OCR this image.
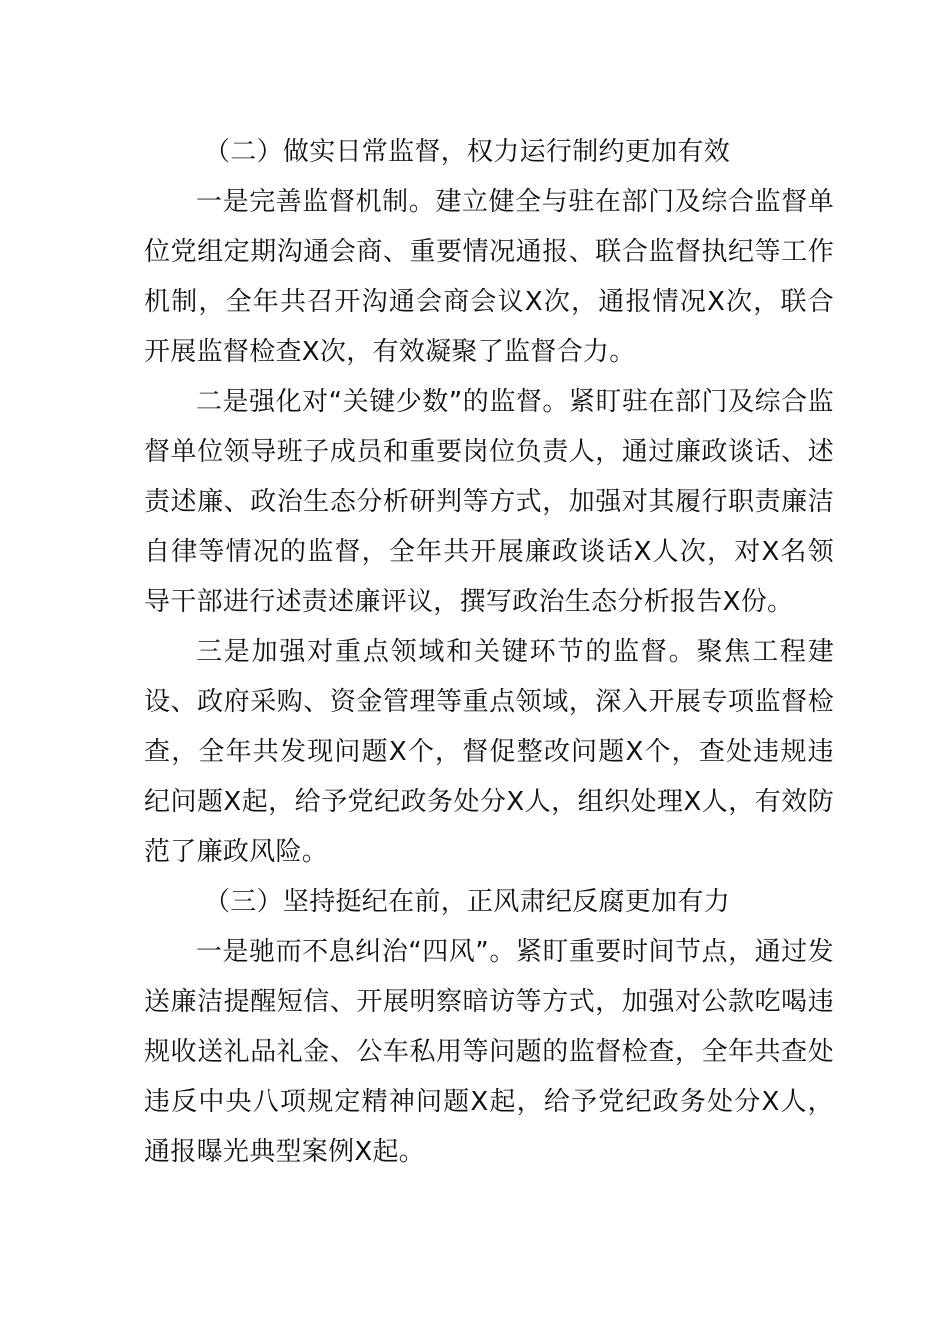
（二）做实日常监督，权力运行制约更加有效

一是完善监督机制。建立健全与驻在部门及综合监督单位党组定期沟通会商、重要情况通报、联合监督执纪等工作机制，全年共召开沟通会商会议X次，通报情况X次，联合开展监督检查X次，有效凝聚了监督合力。

二是强化对“关键少数”的监督。紧盯驻在部门及综合监督单位领导班子成员和重要岗位负责人，通过廉政谈话、述责述廉、政治生态分析研判等方式，加强对其履行职责廉洁自律等情况的监督，全年共开展廉政谈话X人次，对X名领导干部进行述责述廉评议，撰写政治生态分析报告X份。

三是加强对重点领域和关键环节的监督。聚焦工程建设、政府采购、资金管理等重点领域，深入开展专项监督检查，全年共发现问题X个，督促整改问题X个，查处违规违纪问题X起，给予党纪政务处分X人，组织处理X人，有效防范了廉政风险。

（三）坚持挺纪在前，正风肃纪反腐更加有力

一是驰而不息纠治“四风”。紧盯重要时间节点，通过发送廉洁提醒短信、开展明察暗访等方式，加强对公款吃喝违规收送礼品礼金、公车私用等问题的监督检查，全年共查处违反中央八项规定精神问题X起，给予党纪政务处分X人，通报曝光典型案例X起。
